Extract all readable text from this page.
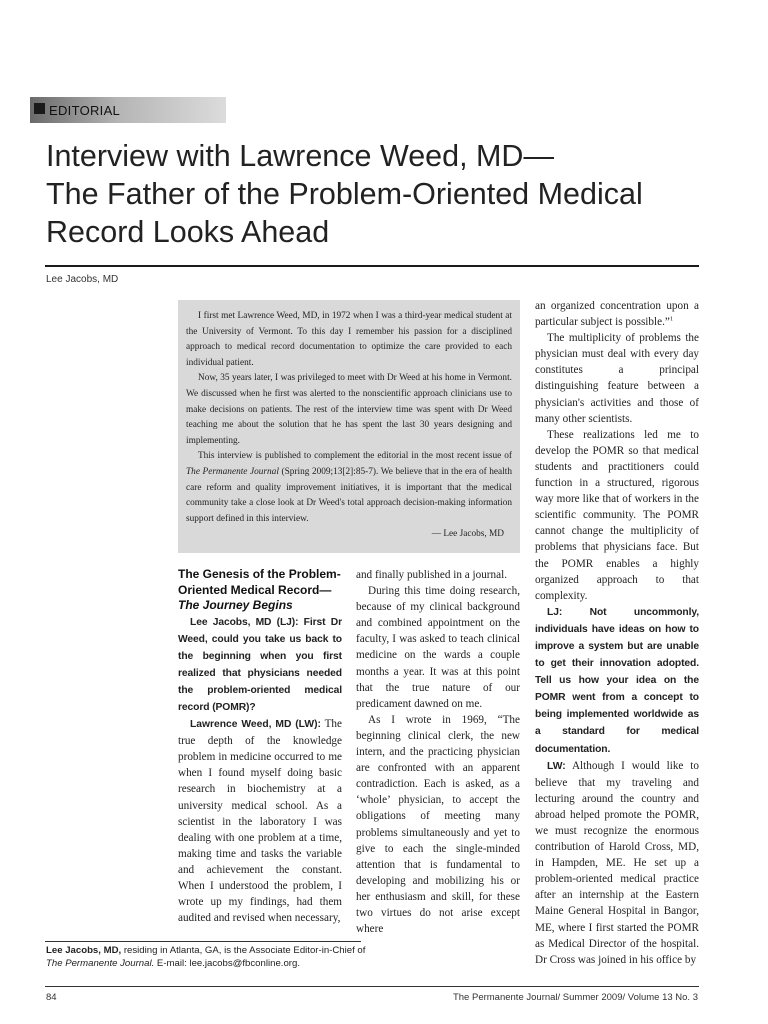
EDITORIAL
Interview with Lawrence Weed, MD—
The Father of the Problem-Oriented Medical
Record Looks Ahead
Lee Jacobs, MD

I first met Lawrence Weed, MD, in 1972 when I was a third-year medical student at the University of Vermont. To this day I remember his passion for a disciplined approach to medical record documentation to optimize the care provided to each individual patient.

Now, 35 years later, I was privileged to meet with Dr Weed at his home in Vermont. We discussed when he first was alerted to the nonscientific approach clinicians use to make decisions on patients. The rest of the interview time was spent with Dr Weed teaching me about the solution that he has spent the last 30 years designing and implementing.

This interview is published to complement the editorial in the most recent issue of The Permanente Journal (Spring 2009;13[2]:85-7). We believe that in the era of health care reform and quality improvement initiatives, it is important that the medical community take a close look at Dr Weed's total approach decision-making information support defined in this interview.

— Lee Jacobs, MD
The Genesis of the Problem-Oriented Medical Record—
The Journey Begins

Lee Jacobs, MD (LJ): First Dr Weed, could you take us back to the beginning when you first realized that physicians needed the problem-oriented medical record (POMR)?

Lawrence Weed, MD (LW): The true depth of the knowledge problem in medicine occurred to me when I found myself doing basic research in biochemistry at a university medical school. As a scientist in the laboratory I was dealing with one problem at a time, making time and tasks the variable and achievement the constant. When I understood the problem, I wrote up my findings, had them audited and revised when necessary,

and finally published in a journal.

During this time doing research, because of my clinical background and combined appointment on the faculty, I was asked to teach clinical medicine on the wards a couple months a year. It was at this point that the true nature of our predicament dawned on me.

As I wrote in 1969, “The beginning clinical clerk, the new intern, and the practicing physician are confronted with an apparent contradiction. Each is asked, as a ‘whole’ physician, to accept the obligations of meeting many problems simultaneously and yet to give to each the single-minded attention that is fundamental to developing and mobilizing his or her enthusiasm and skill, for these two virtues do not arise except where

an organized concentration upon a particular subject is possible.”$^1$

The multiplicity of problems the physician must deal with every day constitutes a principal distinguishing feature between a physician's activities and those of many other scientists.

These realizations led me to develop the POMR so that medical students and practitioners could function in a structured, rigorous way more like that of workers in the scientific community. The POMR cannot change the multiplicity of problems that physicians face. But the POMR enables a highly organized approach to that complexity.

LJ: Not uncommonly, individuals have ideas on how to improve a system but are unable to get their innovation adopted. Tell us how your idea on the POMR went from a concept to being implemented worldwide as a standard for medical documentation.

LW: Although I would like to believe that my traveling and lecturing around the country and abroad helped promote the POMR, we must recognize the enormous contribution of Harold Cross, MD, in Hampden, ME. He set up a problem-oriented medical practice after an internship at the Eastern Maine General Hospital in Bangor, ME, where I first started the POMR as Medical Director of the hospital. Dr Cross was joined in his office by

Lee Jacobs, MD, residing in Atlanta, GA, is the Associate Editor-in-Chief of The Permanente Journal. E-mail: lee.jacobs@fbconline.org.
84	The Permanente Journal/ Summer 2009/ Volume 13 No. 3
